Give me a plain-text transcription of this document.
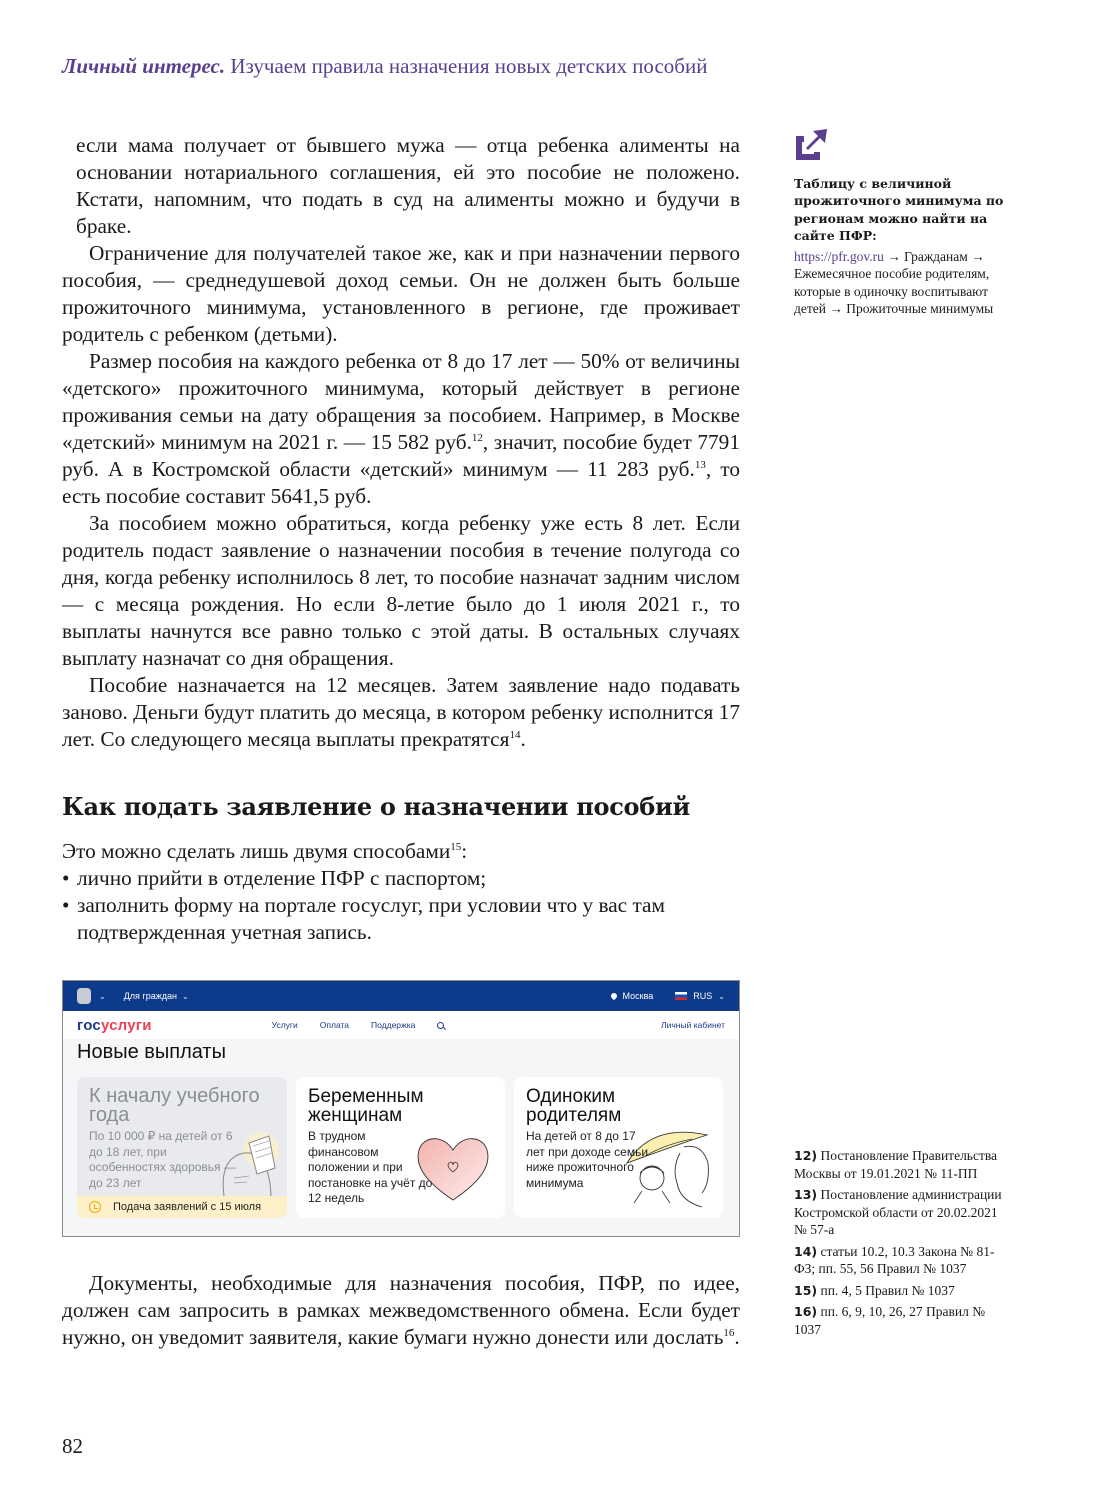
Личный интерес. Изучаем правила назначения новых детских пособий

если мама получает от бывшего мужа — отца ребенка алименты на основании нотариального соглашения, ей это пособие не положено. Кстати, напомним, что подать в суд на алименты можно и будучи в браке.

Ограничение для получателей такое же, как и при назначении первого пособия, — среднедушевой доход семьи. Он не должен быть больше прожиточного минимума, установленного в регионе, где проживает родитель с ребенком (детьми).

Размер пособия на каждого ребенка от 8 до 17 лет — 50% от величины «детского» прожиточного минимума, который действует в регионе проживания семьи на дату обращения за пособием. Например, в Москве «детский» минимум на 2021 г. — 15 582 руб.$^{12}$, значит, пособие будет 7791 руб. А в Костромской области «детский» минимум — 11 283 руб.$^{13}$, то есть пособие составит 5641,5 руб.

За пособием можно обратиться, когда ребенку уже есть 8 лет. Если родитель подаст заявление о назначении пособия в течение полугода со дня, когда ребенку исполнилось 8 лет, то пособие назначат задним числом — с месяца рождения. Но если 8-летие было до 1 июля 2021 г., то выплаты начнутся все равно только с этой даты. В остальных случаях выплату назначат со дня обращения.

Пособие назначается на 12 месяцев. Затем заявление надо подавать заново. Деньги будут платить до месяца, в котором ребенку исполнится 17 лет. Со следующего месяца выплаты прекратятся$^{14}$.

Как подать заявление о назначении пособий
Это можно сделать лишь двумя способами$^{15}$:
• лично прийти в отделение ПФР с паспортом;
• заполнить форму на портале госуслуг, при условии что у вас там подтвержденная учетная запись.
⌄ Для граждан ⌄	Москва	RUS ⌄
госуслуги	Услуги	Оплата	Поддержка	Личный кабинет
Новые выплаты
К началу учебного года
По 10 000 ₽ на детей от 6 до 18 лет, при особенностях здоровья — до 23 лет
Подача заявлений с 15 июля
Беременным женщинам
В трудном финансовом положении и при постановке на учёт до 12 недель
Одиноким родителям
На детей от 8 до 17 лет при доходе семьи ниже прожиточного минимума

Документы, необходимые для назначения пособия, ПФР, по идее, должен сам запросить в рамках межведомственного обмена. Если будет нужно, он уведомит заявителя, какие бумаги нужно донести или дослать$^{16}$.

Таблицу с величиной прожиточного минимума по регионам можно найти на сайте ПФР:
https://pfr.gov.ru → Гражданам → Ежемесячное пособие родителям, которые в одиночку воспитывают детей → Прожиточные минимумы
12) Постановление Правительства Москвы от 19.01.2021 № 11-ПП
13) Постановление администрации Костромской области от 20.02.2021 № 57-а
14) статьи 10.2, 10.3 Закона № 81-ФЗ; пп. 55, 56 Правил № 1037
15) пп. 4, 5 Правил № 1037
16) пп. 6, 9, 10, 26, 27 Правил № 1037
82
